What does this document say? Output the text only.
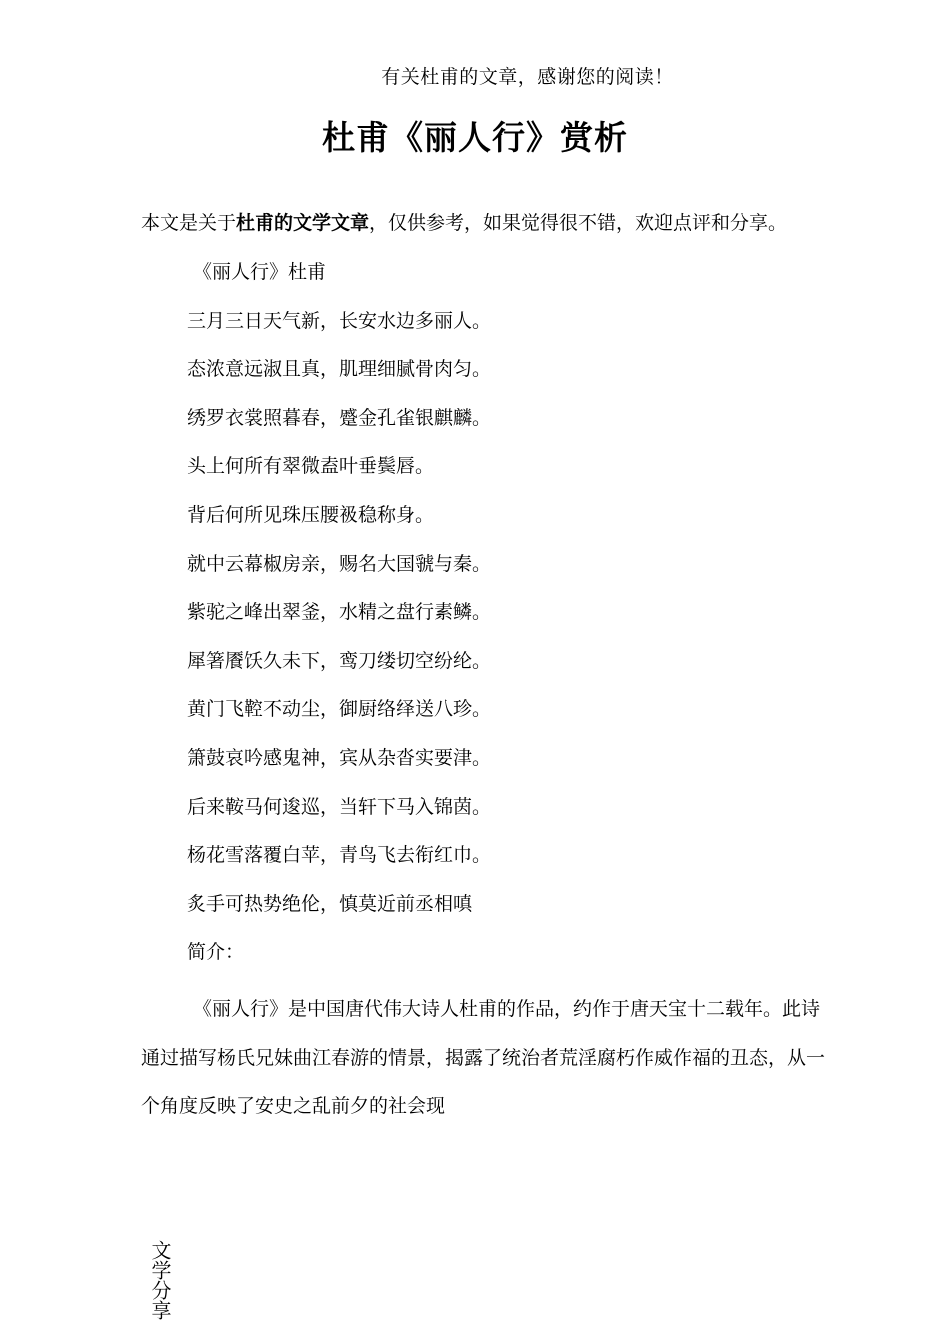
有关杜甫的文章，感谢您的阅读！
杜甫《丽人行》赏析

本文是关于杜甫的文学文章，仅供参考，如果觉得很不错，欢迎点评和分享。

《丽人行》杜甫
三月三日天气新，长安水边多丽人。
态浓意远淑且真，肌理细腻骨肉匀。
绣罗衣裳照暮春，蹙金孔雀银麒麟。
头上何所有翠微盍叶垂鬓唇。
背后何所见珠压腰衱稳称身。
就中云幕椒房亲，赐名大国虢与秦。
紫驼之峰出翠釜，水精之盘行素鳞。
犀箸餍饫久未下，鸾刀缕切空纷纶。
黄门飞鞚不动尘，御厨络绎送八珍。
箫鼓哀吟感鬼神，宾从杂沓实要津。
后来鞍马何逡巡，当轩下马入锦茵。
杨花雪落覆白苹，青鸟飞去衔红巾。
炙手可热势绝伦，慎莫近前丞相嗔
简介：

《丽人行》是中国唐代伟大诗人杜甫的作品，约作于唐天宝十二载年。此诗通过描写杨氏兄妹曲江春游的情景，揭露了统治者荒淫腐朽作威作福的丑态，从一个角度反映了安史之乱前夕的社会现

文学分享
